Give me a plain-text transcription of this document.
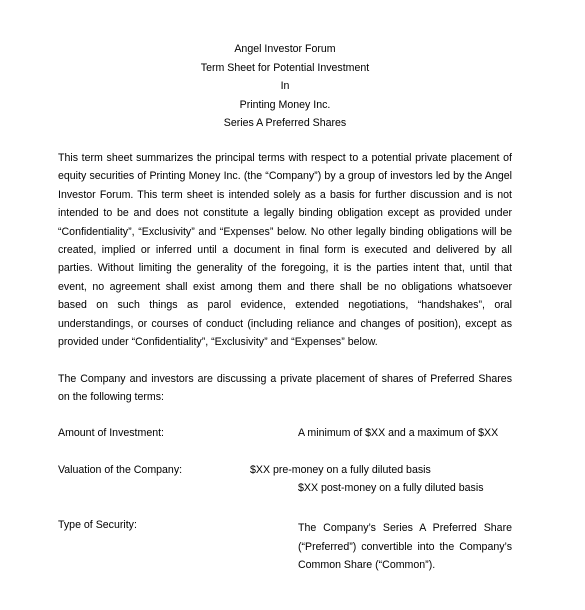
Angel Investor Forum
Term Sheet for Potential Investment
In
Printing Money Inc.
Series A Preferred Shares
This term sheet summarizes the principal terms with respect to a potential private placement of
equity securities of Printing Money Inc. (the “Company”) by a group of investors led by the Angel
Investor Forum. This term sheet is intended solely as a basis for further discussion and is not
intended to be and does not constitute a legally binding obligation except as provided under
“Confidentiality”, “Exclusivity” and “Expenses” below. No other legally binding obligations will be
created, implied or inferred until a document in final form is executed and delivered by all
parties. Without limiting the generality of the foregoing, it is the parties intent that, until that
event, no agreement shall exist among them and there shall be no obligations whatsoever
based on such things as parol evidence, extended negotiations, “handshakes”, oral
understandings, or courses of conduct (including reliance and changes of position), except as
provided under “Confidentiality”, “Exclusivity” and “Expenses” below.
The Company and investors are discussing a private placement of shares of Preferred Shares
on the following terms:
Amount of Investment:	A minimum of $XX and a maximum of $XX
Valuation of the Company:	$XX pre-money on a fully diluted basis
$XX post-money on a fully diluted basis
Type of Security:	The Company’s Series A Preferred Share
(“Preferred”) convertible into the Company’s
Common Share (“Common”).
